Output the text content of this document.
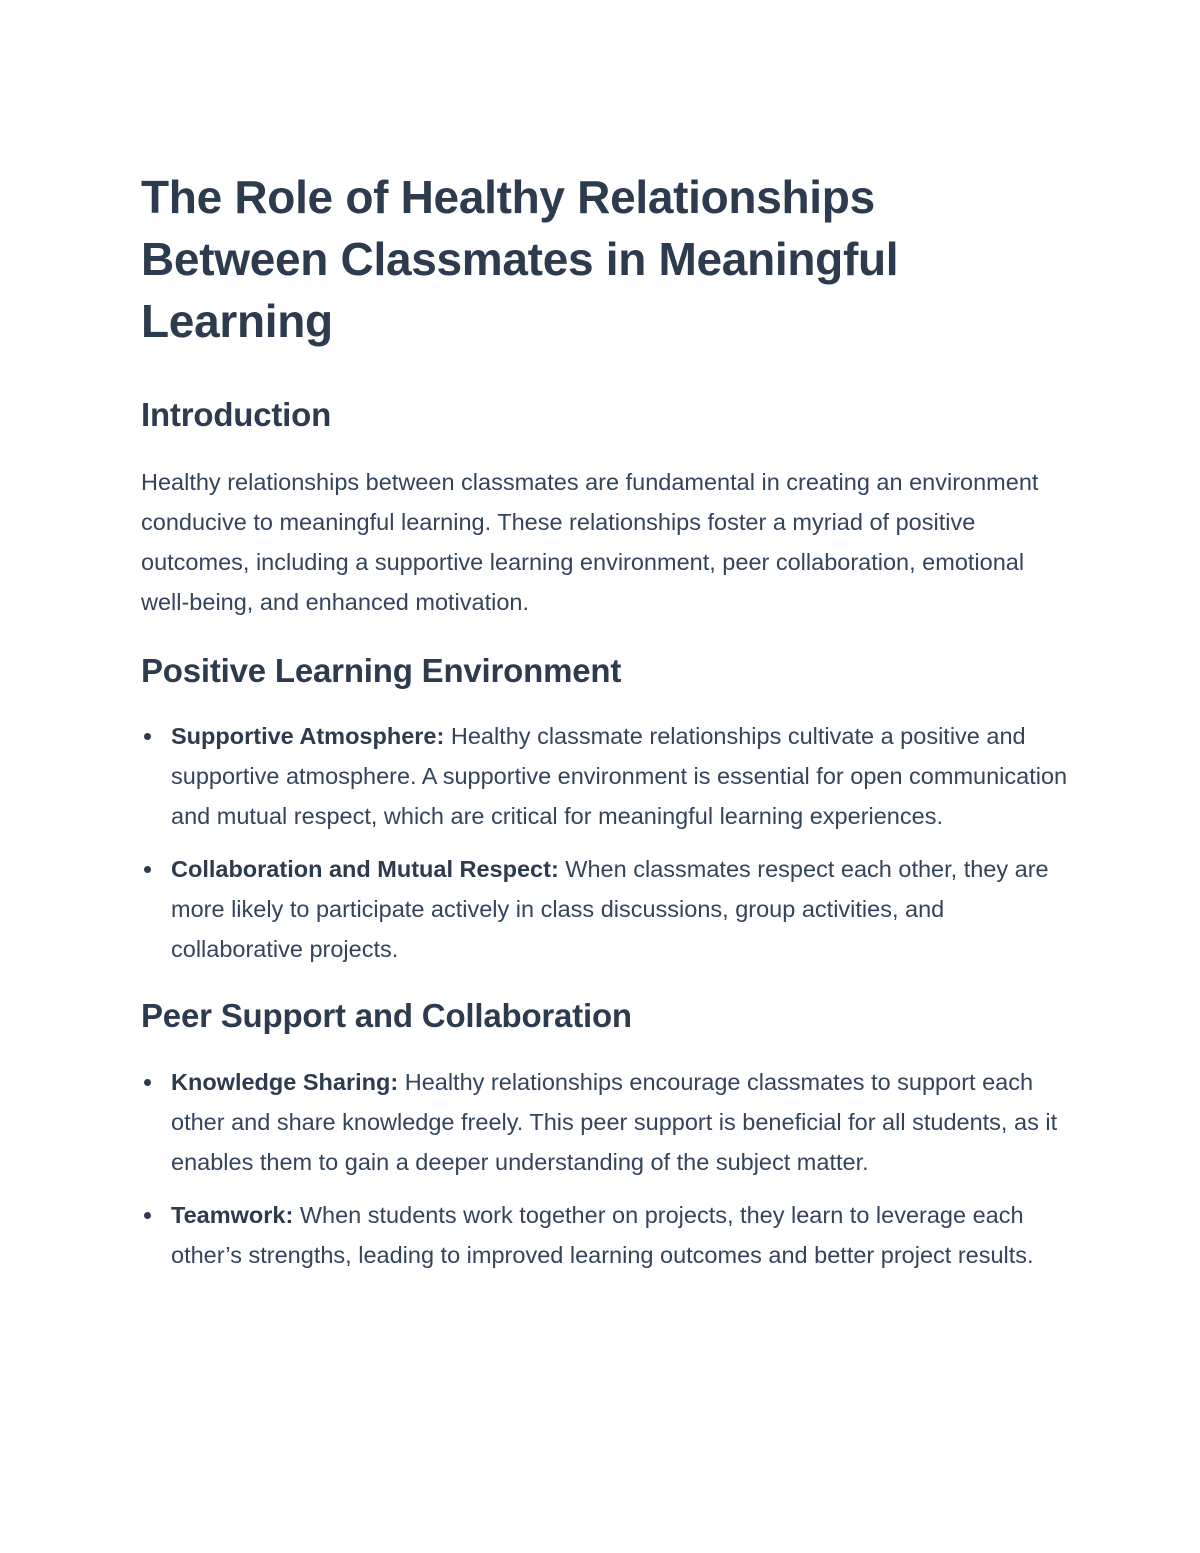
The Role of Healthy Relationships Between Classmates in Meaningful Learning
Introduction

Healthy relationships between classmates are fundamental in creating an environment conducive to meaningful learning. These relationships foster a myriad of positive outcomes, including a supportive learning environment, peer collaboration, emotional well-being, and enhanced motivation.

Positive Learning Environment
Supportive Atmosphere: Healthy classmate relationships cultivate a positive and supportive atmosphere. A supportive environment is essential for open communication and mutual respect, which are critical for meaningful learning experiences.
Collaboration and Mutual Respect: When classmates respect each other, they are more likely to participate actively in class discussions, group activities, and collaborative projects.
Peer Support and Collaboration
Knowledge Sharing: Healthy relationships encourage classmates to support each other and share knowledge freely. This peer support is beneficial for all students, as it enables them to gain a deeper understanding of the subject matter.
Teamwork: When students work together on projects, they learn to leverage each other’s strengths, leading to improved learning outcomes and better project results.
